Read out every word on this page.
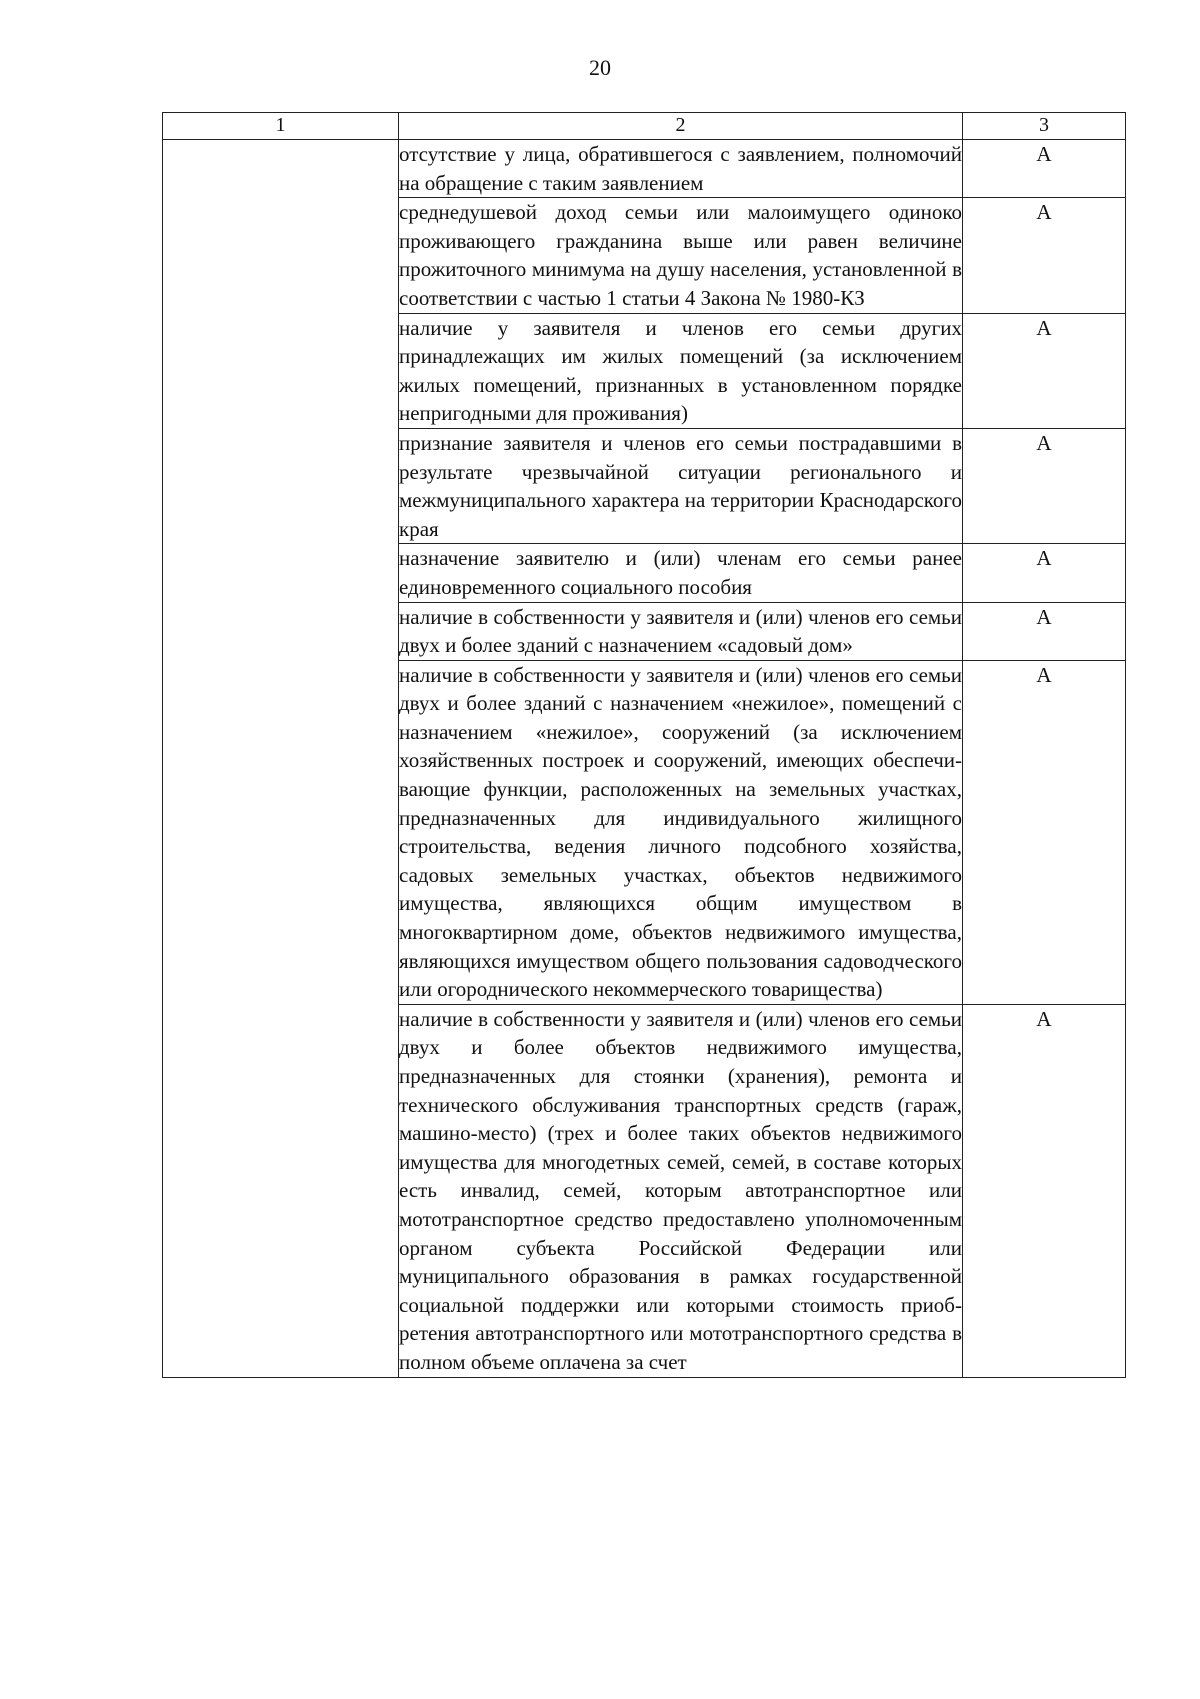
20
1	2	3

	отсутствие у лица, обратившегося с заявлением, полномочий на обращение с таким заявлением	А

	среднедушевой доход семьи или малоимущего одиноко проживающего гражданина выше или равен величине прожиточного минимума на душу населения, установленной в соответствии с частью 1 статьи 4 Закона № 1980-КЗ	А

	наличие у заявителя и членов его семьи других принадлежащих им жилых помещений (за исключением жилых помещений, признанных в установленном порядке непригодными для проживания)	А

	признание заявителя и членов его семьи пострадавшими в результате чрезвычайной ситуации регионального и межмуниципального характера на территории Краснодарского края	А

	назначение заявителю и (или) членам его семьи ранее единовременного социального пособия	А

	наличие в собственности у заявителя и (или) членов его семьи двух и более зданий с назначением «садовый дом»	А

	наличие в собственности у заявителя и (или) членов его семьи двух и более зданий с назначением «нежилое», помещений с назначением «нежилое», сооружений (за исключением хозяйственных построек и сооружений, имеющих обеспечивающие функции, расположенных на земельных участках, предназначенных для индивидуального жилищного строительства, ведения личного подсобного хозяйства, садовых земельных участках, объектов недвижимого имущества, являющихся общим имуществом в многоквартирном доме, объектов недвижимого имущества, являющихся имуществом общего пользования садоводческого или огороднического некоммерческого товарищества)	А

	наличие в собственности у заявителя и (или) членов его семьи двух и более объектов недвижимого имущества, предназначенных для стоянки (хранения), ремонта и технического обслуживания транспортных средств (гараж, машино-место) (трех и более таких объектов недвижимого имущества для многодетных семей, семей, в составе которых есть инвалид, семей, которым автотранспортное или мототранспортное средство предоставлено уполномоченным органом субъекта Российской Федерации или муниципального образования в рамках государственной социальной поддержки или которыми стоимость приобретения автотранспортного или мототранспортного средства в полном объеме оплачена за счет	А
